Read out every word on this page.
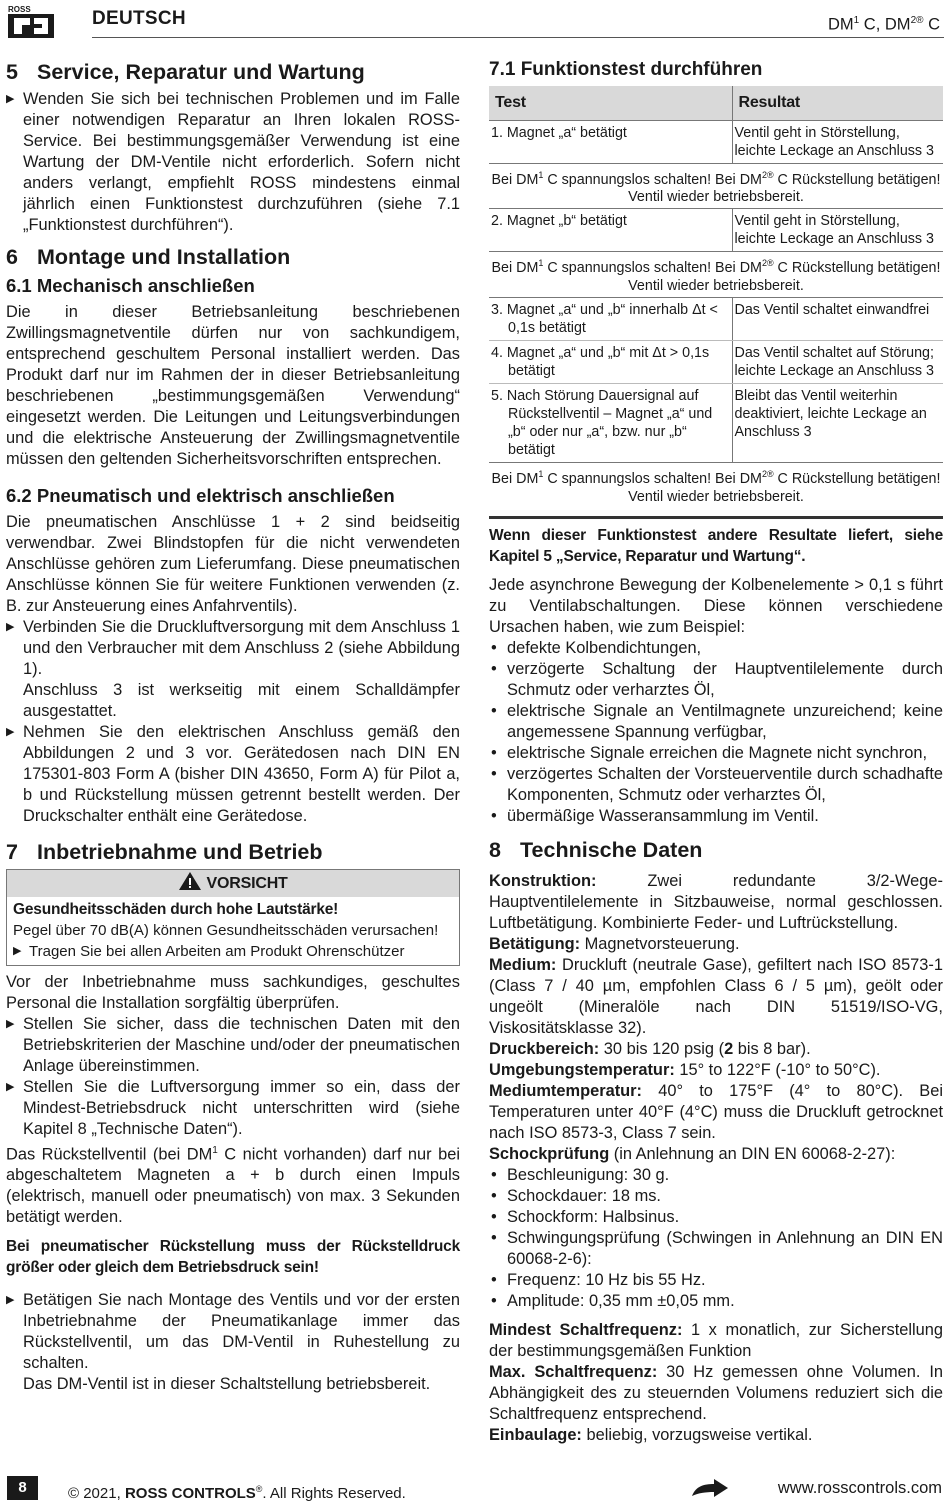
ROSS	DEUTSCH	$DM^1$ C, $DM^{2®}$ C
5 Service, Reparatur und Wartung

▶ Wenden Sie sich bei technischen Problemen und im Falle einer notwendigen Reparatur an Ihren lokalen ROSS-Service. Bei bestimmungsgemäßer Verwendung ist eine Wartung der DM-Ventile nicht erforderlich. Sofern nicht anders verlangt, empfiehlt ROSS mindestens einmal jährlich einen Funktionstest durchzuführen (siehe 7.1 „Funktionstest durchführen“).

6 Montage und Installation
6.1 Mechanisch anschließen

Die in dieser Betriebsanleitung beschriebenen Zwillingsmagnetventile dürfen nur von sachkundigem, entsprechend geschultem Personal installiert werden. Das Produkt darf nur im Rahmen der in dieser Betriebsanleitung beschriebenen „bestimmungsgemäßen Verwendung“ eingesetzt werden. Die Leitungen und Leitungsverbindungen und die elektrische Ansteuerung der Zwillingsmagnetventile müssen den geltenden Sicherheitsvorschriften entsprechen.

6.2 Pneumatisch und elektrisch anschließen

Die pneumatischen Anschlüsse 1 + 2 sind beidseitig verwendbar. Zwei Blindstopfen für die nicht verwendeten Anschlüsse gehören zum Lieferumfang. Diese pneumatischen Anschlüsse können Sie für weitere Funktionen verwenden (z. B. zur Ansteuerung eines Anfahrventils).

▶ Verbinden Sie die Druckluftversorgung mit dem Anschluss 1 und den Verbraucher mit dem Anschluss 2 (siehe Abbildung 1).

Anschluss 3 ist werkseitig mit einem Schalldämpfer ausgestattet.

▶ Nehmen Sie den elektrischen Anschluss gemäß den Abbildungen 2 und 3 vor. Gerätedosen nach DIN EN 175301-803 Form A (bisher DIN 43650, Form A) für Pilot a, b und Rückstellung müssen getrennt bestellt werden. Der Druckschalter enthält eine Gerätedose.

7 Inbetriebnahme und Betrieb
VORSICHT
Gesundheitsschäden durch hohe Lautstärke!
Pegel über 70 dB(A) können Gesundheitsschäden verursachen!
▶ Tragen Sie bei allen Arbeiten am Produkt Ohrenschützer

Vor der Inbetriebnahme muss sachkundiges, geschultes Personal die Installation sorgfältig überprüfen.

▶ Stellen Sie sicher, dass die technischen Daten mit den Betriebskriterien der Maschine und/oder der pneumatischen Anlage übereinstimmen.

▶ Stellen Sie die Luftversorgung immer so ein, dass der Mindest-Betriebsdruck nicht unterschritten wird (siehe Kapitel 8 „Technische Daten“).

Das Rückstellventil (bei $DM^1$ C nicht vorhanden) darf nur bei abgeschaltetem Magneten a + b durch einen Impuls (elektrisch, manuell oder pneumatisch) von max. 3 Sekunden betätigt werden.

Bei pneumatischer Rückstellung muss der Rückstelldruck größer oder gleich dem Betriebsdruck sein!

▶ Betätigen Sie nach Montage des Ventils und vor der ersten Inbetriebnahme der Pneumatikanlage immer das Rückstellventil, um das DM-Ventil in Ruhestellung zu schalten.

Das DM-Ventil ist in dieser Schaltstellung betriebsbereit.

7.1 Funktionstest durchführen
Test	Resultat
1. Magnet „a“ betätigt	Ventil geht in Störstellung, leichte Leckage an Anschluss 3
Bei $DM^1$ C spannungslos schalten! Bei $DM^{2®}$ C Rückstellung betätigen!
Ventil wieder betriebsbereit.	
2. Magnet „b“ betätigt	Ventil geht in Störstellung, leichte Leckage an Anschluss 3
Bei $DM^1$ C spannungslos schalten! Bei $DM^{2®}$ C Rückstellung betätigen!
Ventil wieder betriebsbereit.	

3. Magnet „a“ und „b“ innerhalb Δt < 0,1s betätigt	Das Ventil schaltet einwandfrei

4. Magnet „a“ und „b“ mit Δt > 0,1s betätigt	Das Ventil schaltet auf Störung; leichte Leckage an Anschluss 3

5. Nach Störung Dauersignal auf Rückstellventil – Magnet „a“ und „b“ oder nur „a“, bzw. nur „b“ betätigt	Bleibt das Ventil weiterhin deaktiviert, leichte Leckage an Anschluss 3
Bei $DM^1$ C spannungslos schalten! Bei $DM^{2®}$ C Rückstellung betätigen!
Ventil wieder betriebsbereit.	

Wenn dieser Funktionstest andere Resultate liefert, siehe Kapitel 5 „Service, Reparatur und Wartung“.

Jede asynchrone Bewegung der Kolbenelemente > 0,1 s führt zu Ventilabschaltungen. Diese können verschiedene Ursachen haben, wie zum Beispiel:

• defekte Kolbendichtungen,

• verzögerte Schaltung der Hauptventilelemente durch Schmutz oder verharztes Öl,

• elektrische Signale an Ventilmagnete unzureichend; keine angemessene Spannung verfügbar,

• elektrische Signale erreichen die Magnete nicht synchron,

• verzögertes Schalten der Vorsteuerventile durch schadhafte Komponenten, Schmutz oder verharztes Öl,

• übermäßige Wasseransammlung im Ventil.

8 Technische Daten

Konstruktion: Zwei redundante 3/2-Wege-Hauptventilelemente in Sitzbauweise, normal geschlossen. Luftbetätigung. Kombinierte Feder- und Luftrückstellung.

Betätigung: Magnetvorsteuerung.

Medium: Druckluft (neutrale Gase), gefiltert nach ISO 8573-1 (Class 7 / 40 µm, empfohlen Class 6 / 5 µm), geölt oder ungeölt (Mineralöle nach DIN 51519/ISO-VG, Viskositätsklasse 32).

Druckbereich: 30 bis 120 psig (2 bis 8 bar).

Umgebungstemperatur: 15° to 122°F (-10° to 50°C).

Mediumtemperatur: 40° to 175°F (4° to 80°C). Bei Temperaturen unter 40°F (4°C) muss die Druckluft getrocknet nach ISO 8573-3, Class 7 sein.

Schockprüfung (in Anlehnung an DIN EN 60068-2-27):

• Beschleunigung: 30 g.

• Schockdauer: 18 ms.

• Schockform: Halbsinus.

• Schwingungsprüfung (Schwingen in Anlehnung an DIN EN 60068-2-6):

• Frequenz: 10 Hz bis 55 Hz.

• Amplitude: 0,35 mm ±0,05 mm.

Mindest Schaltfrequenz: 1 x monatlich, zur Sicherstellung der bestimmungsgemäßen Funktion

Max. Schaltfrequenz: 30 Hz gemessen ohne Volumen. In Abhängigkeit des zu steuernden Volumens reduziert sich die Schaltfrequenz entsprechend.

Einbaulage: beliebig, vorzugsweise vertikal.

8	© 2021, ROSS CONTROLS®. All Rights Reserved.	www.rosscontrols.com
